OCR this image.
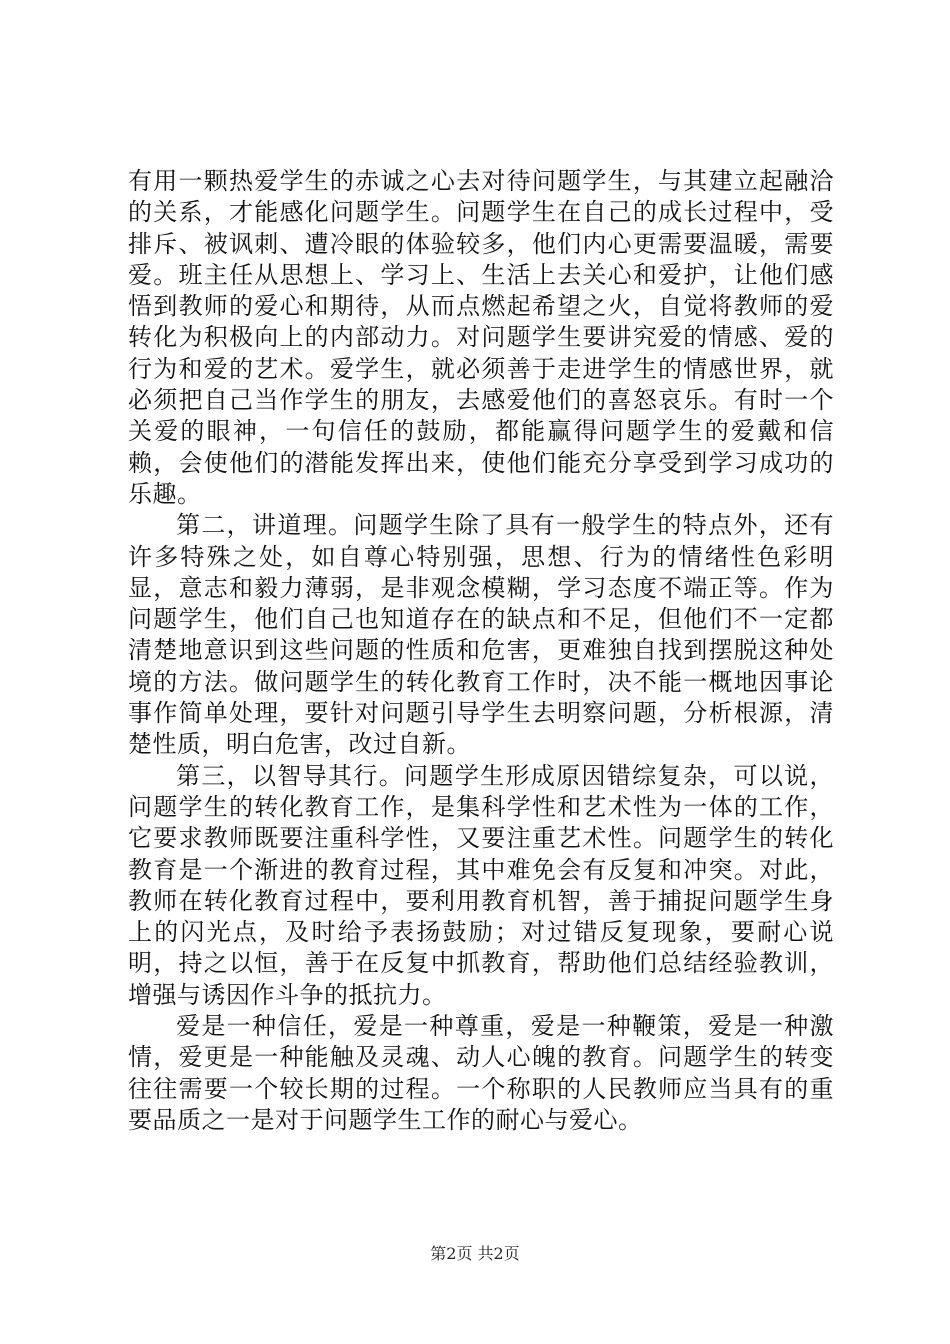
有用一颗热爱学生的赤诚之心去对待问题学生，与其建立起融洽的关系，才能感化问题学生。问题学生在自己的成长过程中，受排斥、被讽刺、遭冷眼的体验较多，他们内心更需要温暖，需要爱。班主任从思想上、学习上、生活上去关心和爱护，让他们感悟到教师的爱心和期待，从而点燃起希望之火，自觉将教师的爱转化为积极向上的内部动力。对问题学生要讲究爱的情感、爱的行为和爱的艺术。爱学生，就必须善于走进学生的情感世界，就必须把自己当作学生的朋友，去感爱他们的喜怒哀乐。有时一个关爱的眼神，一句信任的鼓励，都能赢得问题学生的爱戴和信赖，会使他们的潜能发挥出来，使他们能充分享受到学习成功的乐趣。

第二，讲道理。问题学生除了具有一般学生的特点外，还有许多特殊之处，如自尊心特别强，思想、行为的情绪性色彩明显，意志和毅力薄弱，是非观念模糊，学习态度不端正等。作为问题学生，他们自己也知道存在的缺点和不足，但他们不一定都清楚地意识到这些问题的性质和危害，更难独自找到摆脱这种处境的方法。做问题学生的转化教育工作时，决不能一概地因事论事作简单处理，要针对问题引导学生去明察问题，分析根源，清楚性质，明白危害，改过自新。

第三，以智导其行。问题学生形成原因错综复杂，可以说，问题学生的转化教育工作，是集科学性和艺术性为一体的工作，它要求教师既要注重科学性，又要注重艺术性。问题学生的转化教育是一个渐进的教育过程，其中难免会有反复和冲突。对此，教师在转化教育过程中，要利用教育机智，善于捕捉问题学生身上的闪光点，及时给予表扬鼓励；对过错反复现象，要耐心说明，持之以恒，善于在反复中抓教育，帮助他们总结经验教训，增强与诱因作斗争的抵抗力。

爱是一种信任，爱是一种尊重，爱是一种鞭策，爱是一种激情，爱更是一种能触及灵魂、动人心魄的教育。问题学生的转变往往需要一个较长期的过程。一个称职的人民教师应当具有的重要品质之一是对于问题学生工作的耐心与爱心。

第2页 共2页
